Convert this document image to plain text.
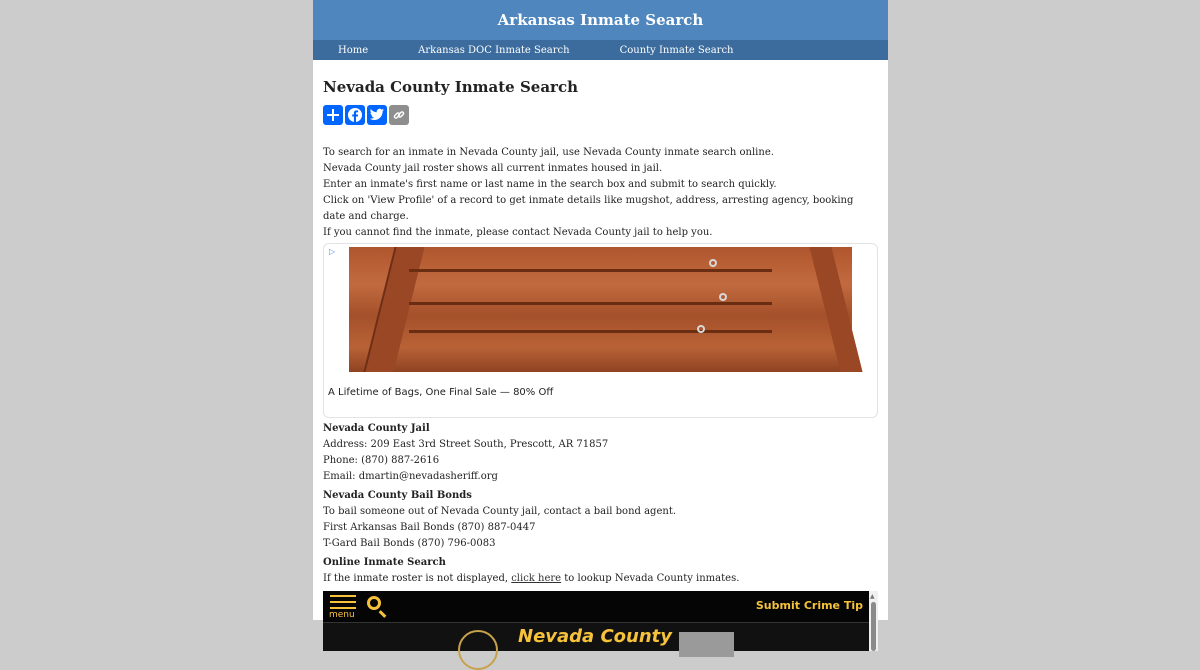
Arkansas Inmate Search
Home	Arkansas DOC Inmate Search	County Inmate Search
Nevada County Inmate Search
To search for an inmate in Nevada County jail, use Nevada County inmate search online.
Nevada County jail roster shows all current inmates housed in jail.
Enter an inmate's first name or last name in the search box and submit to search quickly.
Click on 'View Profile' of a record to get inmate details like mugshot, address, arresting agency, booking date and charge.
If you cannot find the inmate, please contact Nevada County jail to help you.
▷
A Lifetime of Bags, One Final Sale — 80% Off
Nevada County Jail
Address: 209 East 3rd Street South, Prescott, AR 71857
Phone: (870) 887-2616
Email: dmartin@nevadasheriff.org
Nevada County Bail Bonds
To bail someone out of Nevada County jail, contact a bail bond agent.
First Arkansas Bail Bonds (870) 887-0447
T-Gard Bail Bonds (870) 796-0083
Online Inmate Search
If the inmate roster is not displayed, click here to lookup Nevada County inmates.
menu
Submit Crime Tip
Nevada County
▲
